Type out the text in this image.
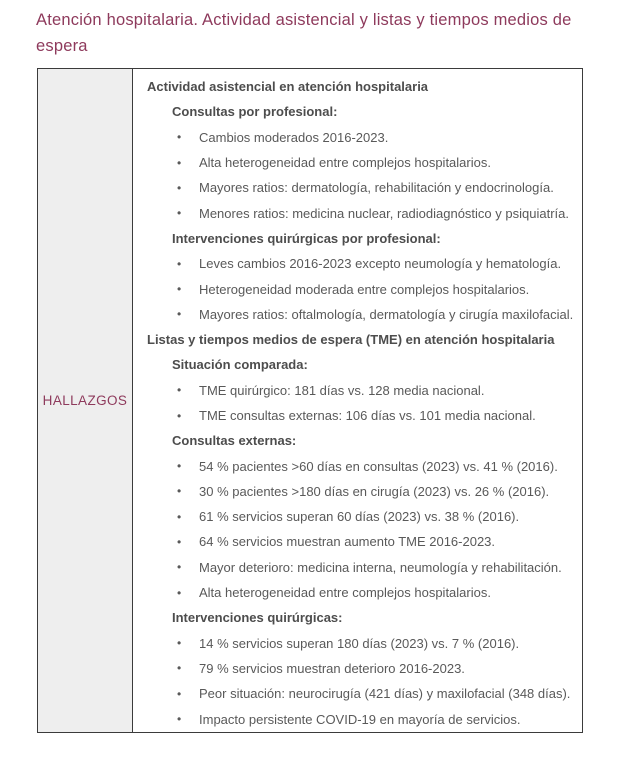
Atención hospitalaria. Actividad asistencial y listas y tiempos medios de espera
HALLAZGOS
Actividad asistencial en atención hospitalaria
Consultas por profesional:
•	Cambios moderados 2016-2023.
•	Alta heterogeneidad entre complejos hospitalarios.
•	Mayores ratios: dermatología, rehabilitación y endocrinología.
•	Menores ratios: medicina nuclear, radiodiagnóstico y psiquiatría.
Intervenciones quirúrgicas por profesional:
•	Leves cambios 2016-2023 excepto neumología y hematología.
•	Heterogeneidad moderada entre complejos hospitalarios.
•	Mayores ratios: oftalmología, dermatología y cirugía maxilofacial.
Listas y tiempos medios de espera (TME) en atención hospitalaria
Situación comparada:
•	TME quirúrgico: 181 días vs. 128 media nacional.
•	TME consultas externas: 106 días vs. 101 media nacional.
Consultas externas:
•	54 % pacientes >60 días en consultas (2023) vs. 41 % (2016).
•	30 % pacientes >180 días en cirugía (2023) vs. 26 % (2016).
•	61 % servicios superan 60 días (2023) vs. 38 % (2016).
•	64 % servicios muestran aumento TME 2016-2023.
•	Mayor deterioro: medicina interna, neumología y rehabilitación.
•	Alta heterogeneidad entre complejos hospitalarios.
Intervenciones quirúrgicas:
•	14 % servicios superan 180 días (2023) vs. 7 % (2016).
•	79 % servicios muestran deterioro 2016-2023.
•	Peor situación: neurocirugía (421 días) y maxilofacial (348 días).
•	Impacto persistente COVID-19 en mayoría de servicios.
